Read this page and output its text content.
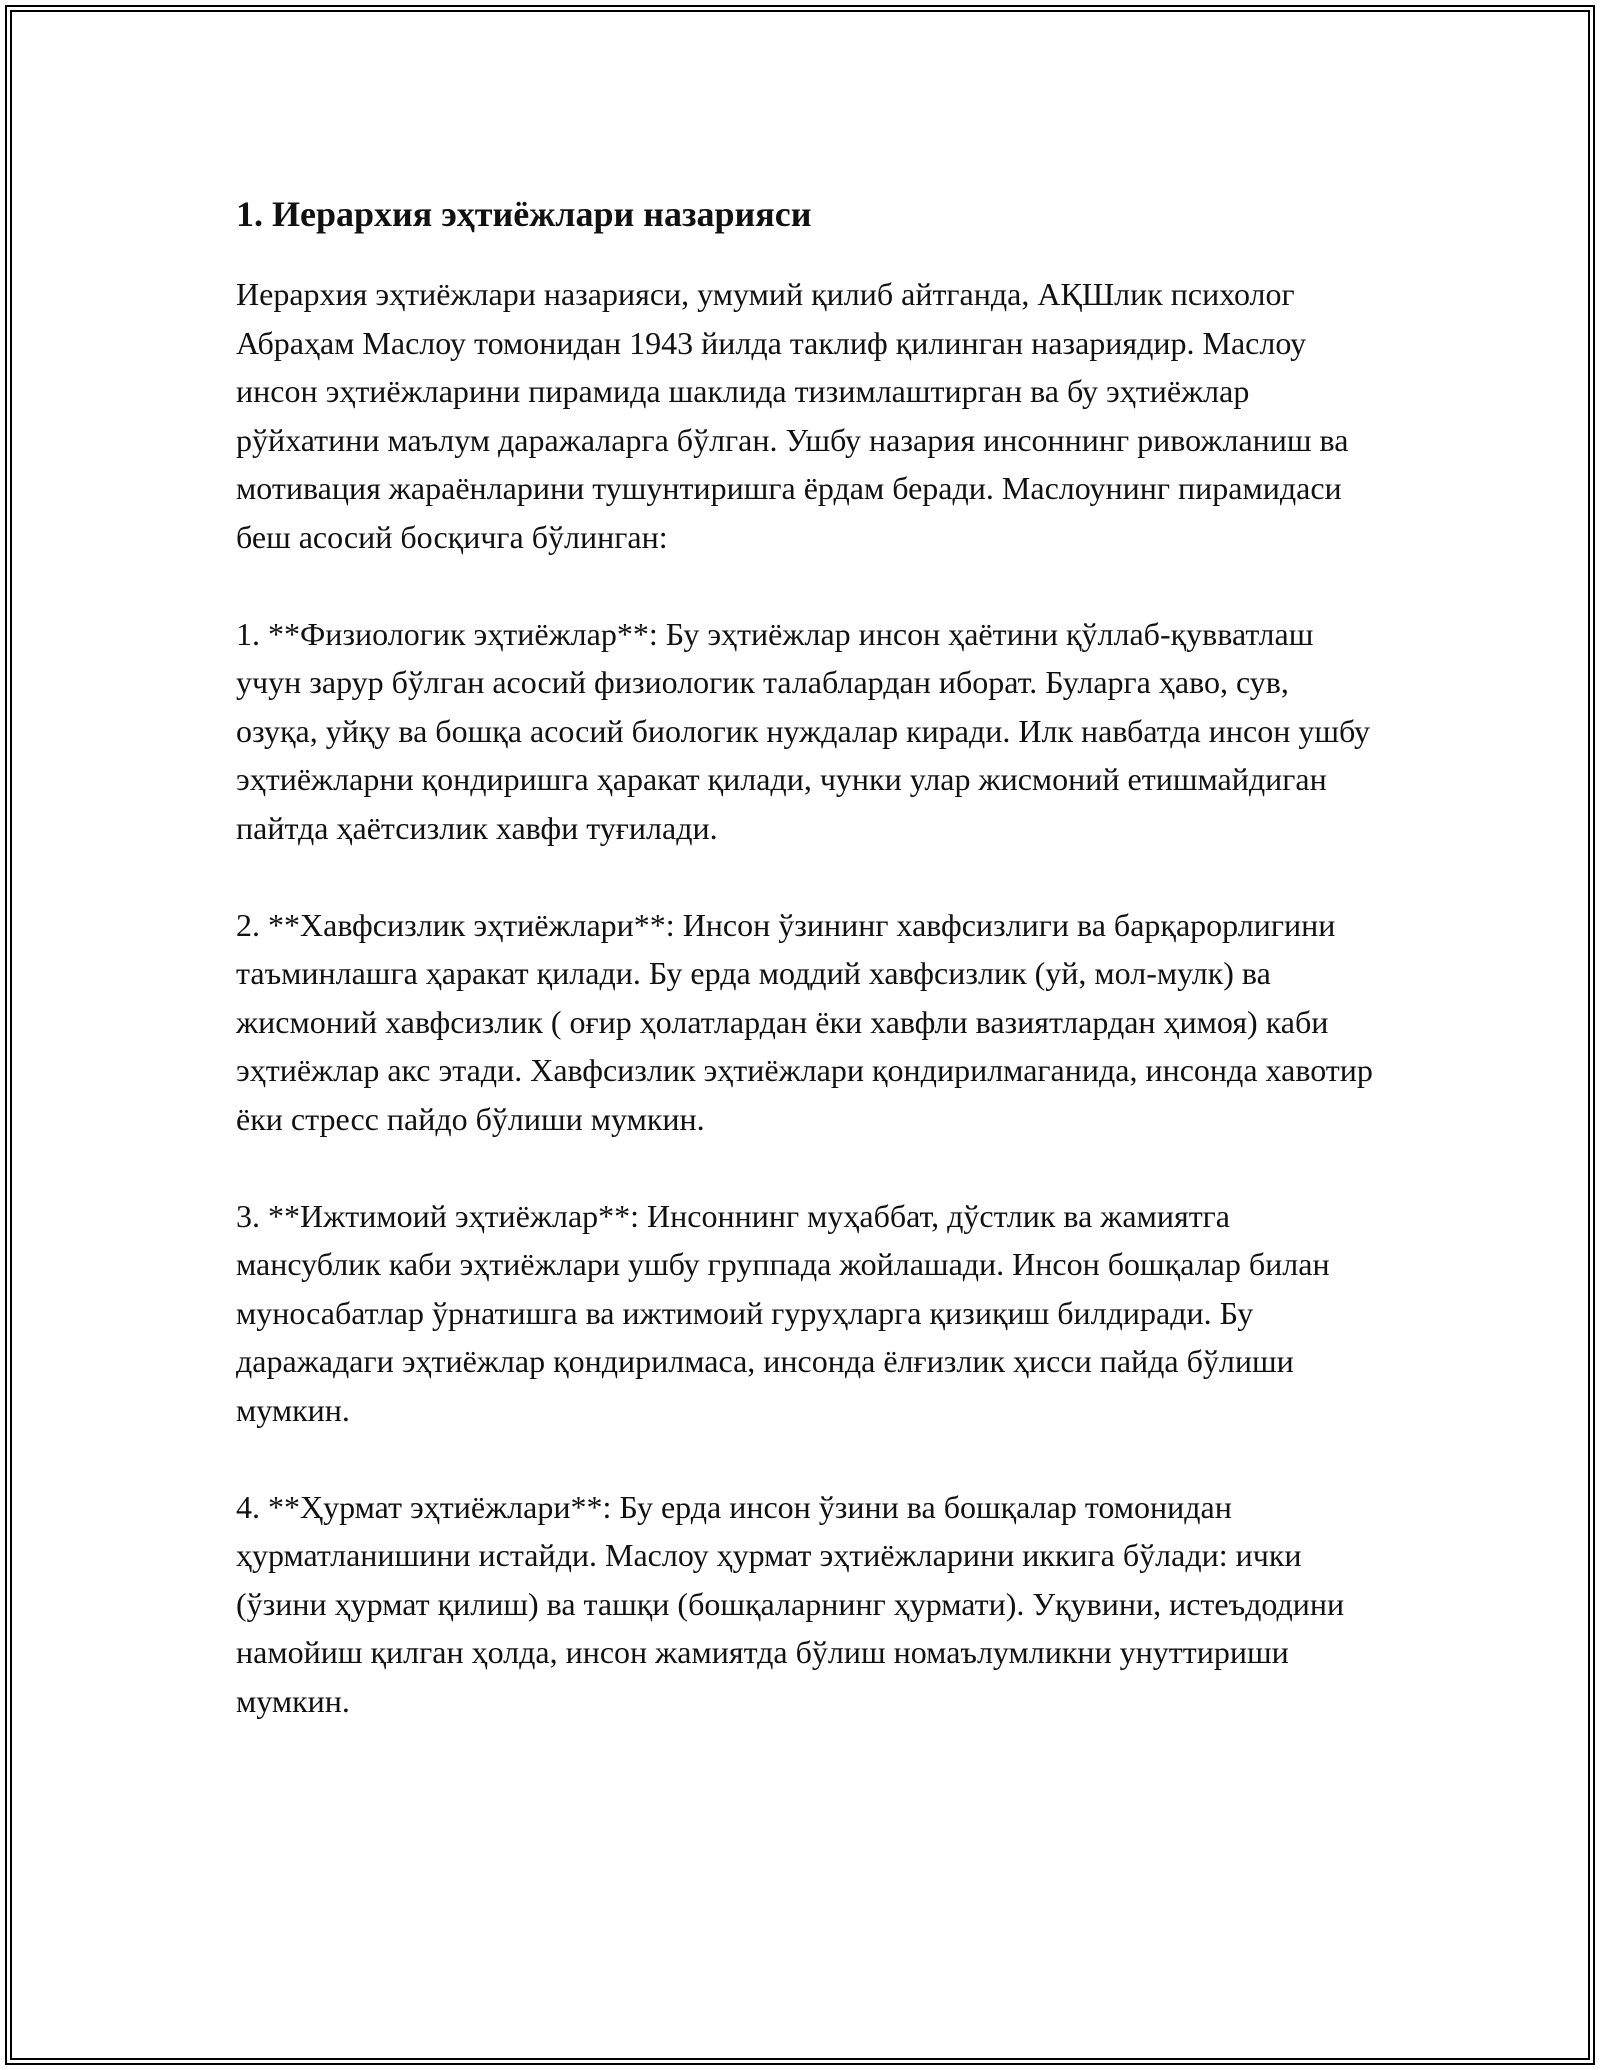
1. Иерархия эҳтиёжлари назарияси

Иерархия эҳтиёжлари назарияси, умумий қилиб айтганда, АҚШлик психолог Абраҳам Маслоу томонидан 1943 йилда таклиф қилинган назариядир. Маслоу инсон эҳтиёжларини пирамида шаклида тизимлаштирган ва бу эҳтиёжлар рўйхатини маълум даражаларга бўлган. Ушбу назария инсоннинг ривожланиш ва мотивация жараёнларини тушунтиришга ёрдам беради. Маслоунинг пирамидаси беш асосий босқичга бўлинган:

1. **Физиологик эҳтиёжлар**: Бу эҳтиёжлар инсон ҳаётини қўллаб-қувватлаш учун зарур бўлган асосий физиологик талаблардан иборат. Буларга ҳаво, сув, озуқа, уйқу ва бошқа асосий биологик нуждалар киради. Илк навбатда инсон ушбу эҳтиёжларни қондиришга ҳаракат қилади, чунки улар жисмоний етишмайдиган пайтда ҳаётсизлик хавфи туғилади.

2. **Хавфсизлик эҳтиёжлари**: Инсон ўзининг хавфсизлиги ва барқарорлигини таъминлашга ҳаракат қилади. Бу ерда моддий хавфсизлик (уй, мол-мулк) ва жисмоний хавфсизлик ( оғир ҳолатлардан ёки хавфли вазиятлардан ҳимоя) каби эҳтиёжлар акс этади. Хавфсизлик эҳтиёжлари қондирилмаганида, инсонда хавотир ёки стресс пайдо бўлиши мумкин.

3. **Ижтимоий эҳтиёжлар**: Инсоннинг муҳаббат, дўстлик ва жамиятга мансублик каби эҳтиёжлари ушбу группада жойлашади. Инсон бошқалар билан муносабатлар ўрнатишга ва ижтимоий гуруҳларга қизиқиш билдиради. Бу даражадаги эҳтиёжлар қондирилмаса, инсонда ёлғизлик ҳисси пайда бўлиши мумкин.

4. **Ҳурмат эҳтиёжлари**: Бу ерда инсон ўзини ва бошқалар томонидан ҳурматланишини истайди. Маслоу ҳурмат эҳтиёжларини иккига бўлади: ички (ўзини ҳурмат қилиш) ва ташқи (бошқаларнинг ҳурмати). Уқувини, истеъдодини намойиш қилган ҳолда, инсон жамиятда бўлиш номаълумликни унуттириши мумкин.
